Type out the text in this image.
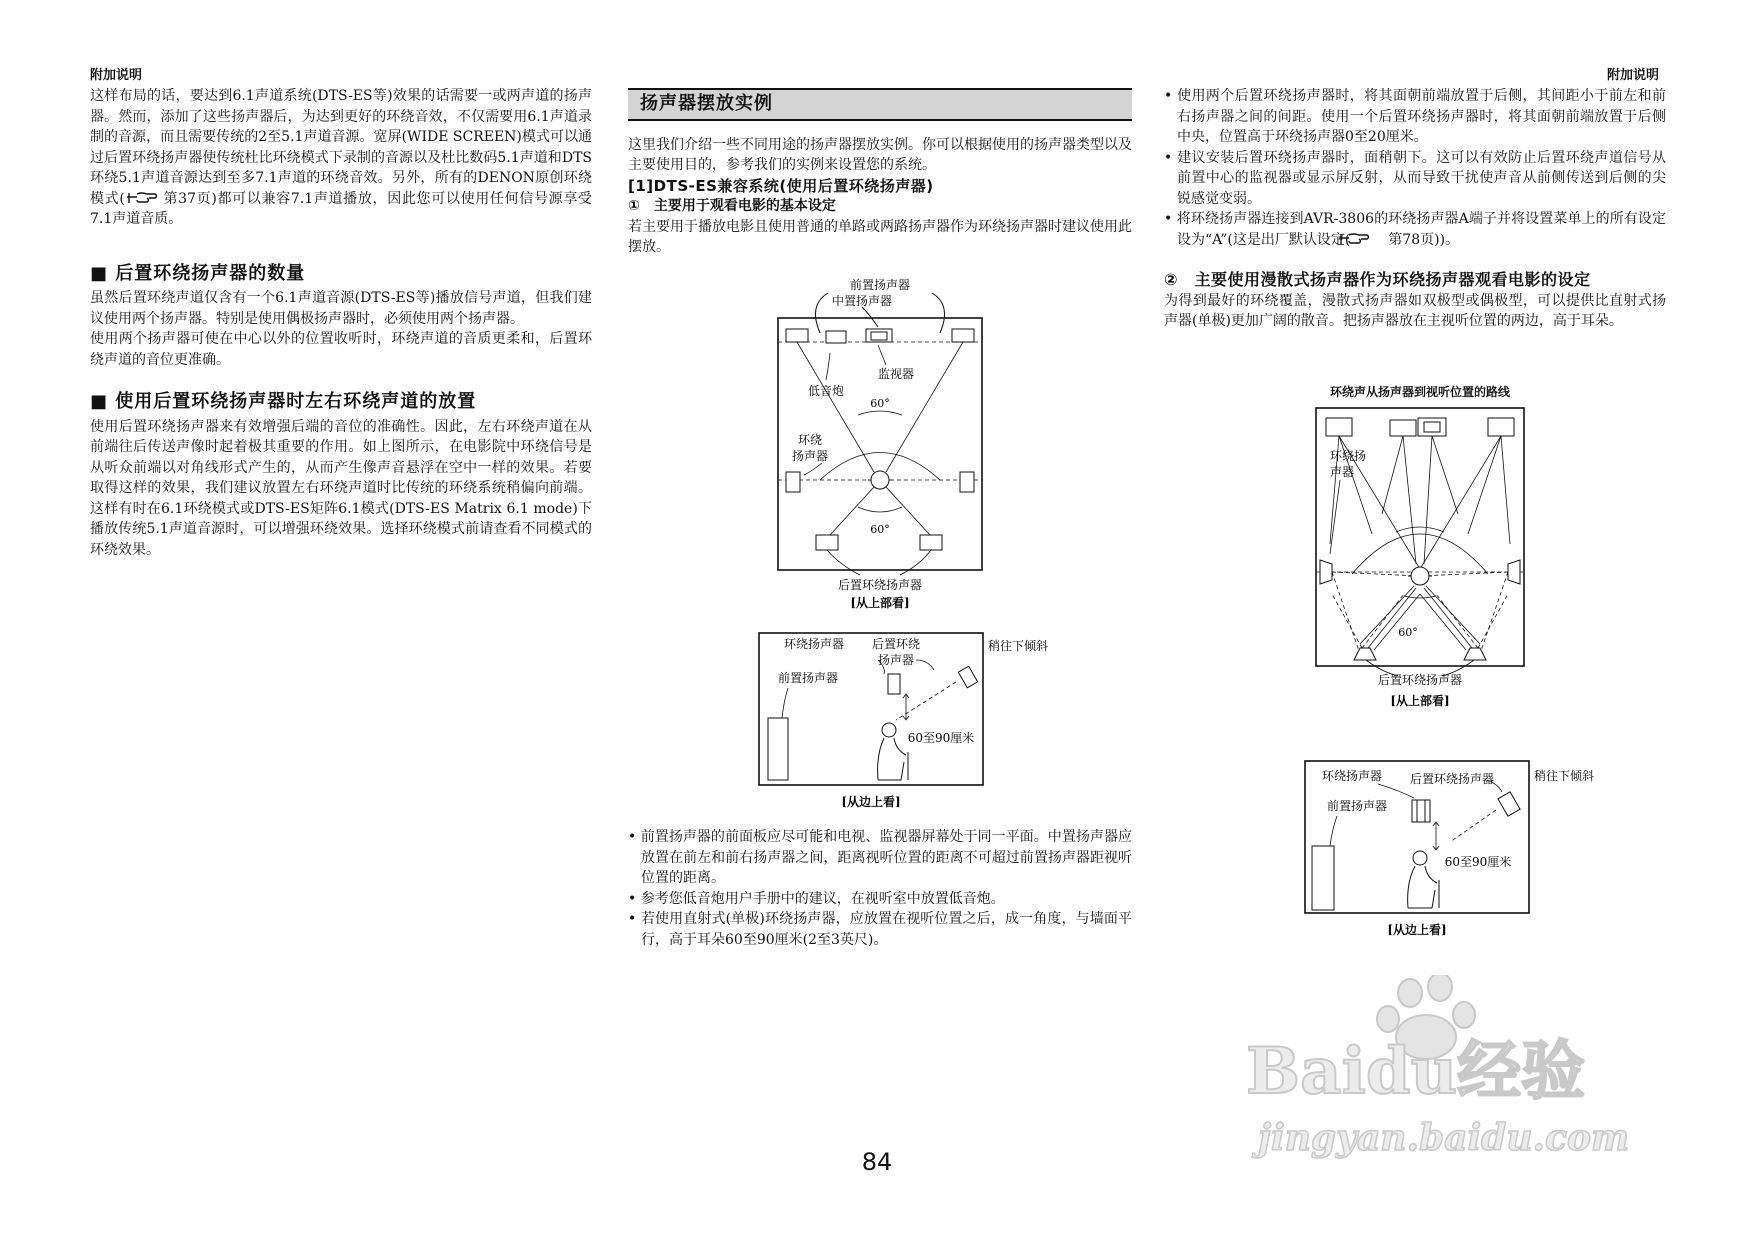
附加说明	附加说明

这样布局的话，要达到6.1声道系统(DTS-ES等)效果的话需要一或两声道的扬声器。然而，添加了这些扬声器后，为达到更好的环绕音效，不仅需要用6.1声道录制的音源，而且需要传统的2至5.1声道音源。宽屏(WIDE SCREEN)模式可以通过后置环绕扬声器使传统杜比环绕模式下录制的音源以及杜比数码5.1声道和DTS环绕5.1声道音源达到至多7.1声道的环绕音效。另外，所有的DENON原创环绕模式(	第37页)都可以兼容7.1声道播放，因此您可以使用任何信号源享受7.1声道音质。

■ 后置环绕扬声器的数量

虽然后置环绕声道仅含有一个6.1声道音源(DTS-ES等)播放信号声道，但我们建议使用两个扬声器。特别是使用偶极扬声器时，必须使用两个扬声器。

使用两个扬声器可使在中心以外的位置收听时，环绕声道的音质更柔和，后置环绕声道的音位更准确。

■ 使用后置环绕扬声器时左右环绕声道的放置

使用后置环绕扬声器来有效增强后端的音位的准确性。因此，左右环绕声道在从前端往后传送声像时起着极其重要的作用。如上图所示，在电影院中环绕信号是从听众前端以对角线形式产生的，从而产生像声音悬浮在空中一样的效果。若要取得这样的效果，我们建议放置左右环绕声道时比传统的环绕系统稍偏向前端。这样有时在6.1环绕模式或DTS-ES矩阵6.1模式(DTS-ES Matrix 6.1 mode)下播放传统5.1声道音源时，可以增强环绕效果。选择环绕模式前请查看不同模式的环绕效果。

扬声器摆放实例

这里我们介绍一些不同用途的扬声器摆放实例。你可以根据使用的扬声器类型以及主要使用目的，参考我们的实例来设置您的系统。

[1]DTS-ES兼容系统(使用后置环绕扬声器)
①　主要用于观看电影的基本设定

若主要用于播放电影且使用普通的单路或两路扬声器作为环绕扬声器时建议使用此摆放。

前置扬声器
中置扬声器
监视器
低音炮
60°
环绕
扬声器
60°
后置环绕扬声器
[从上部看]
环绕扬声器 后置环绕
扬声器
前置扬声器
稍往下倾斜
60至90厘米
[从边上看]
• 前置扬声器的前面板应尽可能和电视、监视器屏幕处于同一平面。中置扬声器应放置在前左和前右扬声器之间，距离视听位置的距离不可超过前置扬声器距视听位置的距离。
• 参考您低音炮用户手册中的建议，在视听室中放置低音炮。
• 若使用直射式(单极)环绕扬声器，应放置在视听位置之后，成一角度，与墙面平行，高于耳朵60至90厘米(2至3英尺)。
• 使用两个后置环绕扬声器时，将其面朝前端放置于后侧，其间距小于前左和前右扬声器之间的间距。使用一个后置环绕扬声器时，将其面朝前端放置于后侧中央，位置高于环绕扬声器0至20厘米。
• 建议安装后置环绕扬声器时，面稍朝下。这可以有效防止后置环绕声道信号从前置中心的监视器或显示屏反射，从而导致干扰使声音从前侧传送到后侧的尖锐感觉变弱。
• 将环绕扬声器连接到AVR-3806的环绕扬声器A端子并将设置菜单上的所有设定设为“A”(这是出厂默认设定(	第78页))。
②　主要使用漫散式扬声器作为环绕扬声器观看电影的设定

为得到最好的环绕覆盖，漫散式扬声器如双极型或偶极型，可以提供比直射式扬声器(单极)更加广阔的散音。把扬声器放在主视听位置的两边，高于耳朵。

环绕声从扬声器到视听位置的路线
环绕扬
声器
60°
后置环绕扬声器
[从上部看]
环绕扬声器 后置环绕扬声器
前置扬声器
稍往下倾斜
60至90厘米
[从边上看]
Baidu经验
jingyan.baidu.com
84
